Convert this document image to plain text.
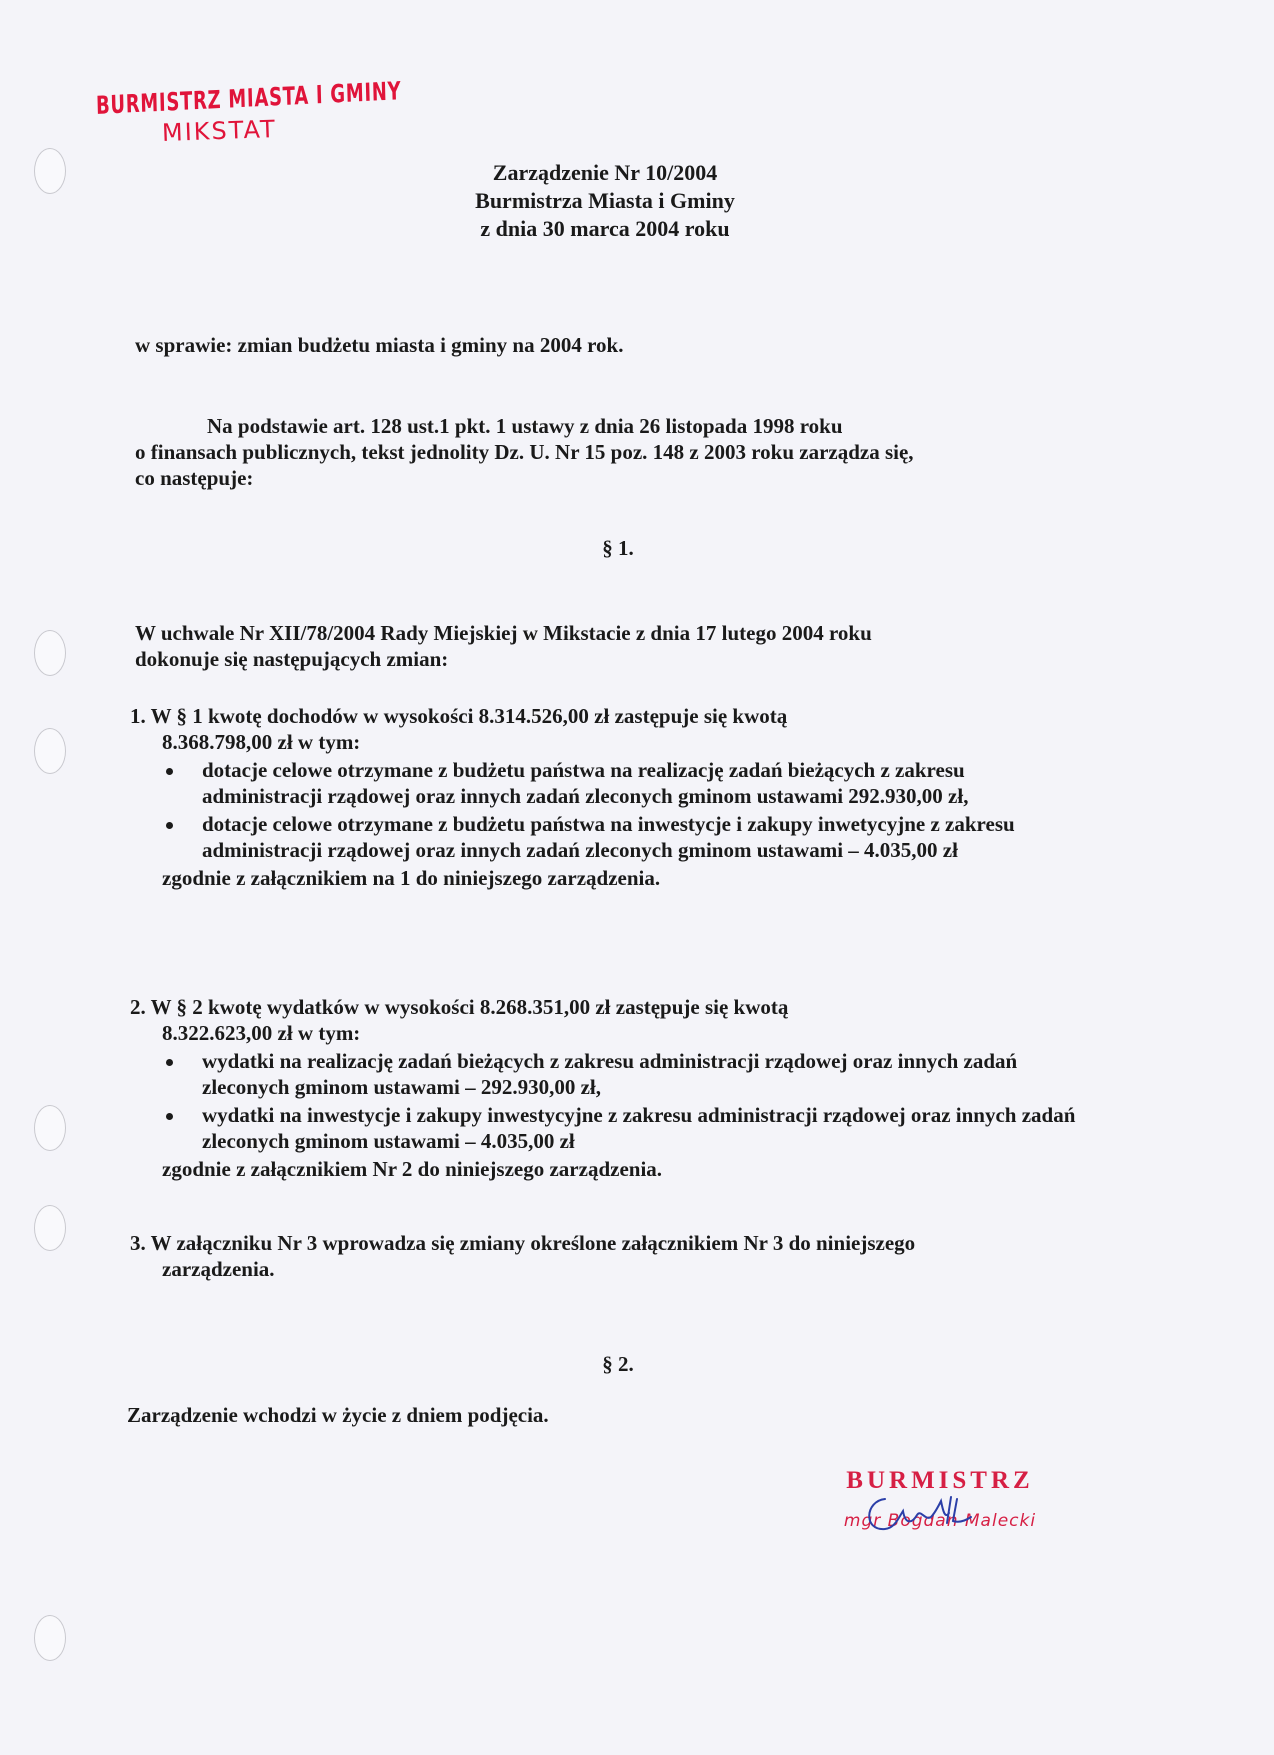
BURMISTRZ MIASTA I GMINY
MIKSTAT
Zarządzenie Nr 10/2004
Burmistrza Miasta i Gminy
z dnia 30 marca 2004 roku
w sprawie: zmian budżetu miasta i gminy na 2004 rok.
Na podstawie art. 128 ust.1 pkt. 1 ustawy z dnia 26 listopada 1998 roku
o finansach publicznych, tekst jednolity Dz. U. Nr 15 poz. 148 z 2003 roku zarządza się,
co następuje:
§ 1.
W uchwale Nr XII/78/2004 Rady Miejskiej w Mikstacie z dnia 17 lutego 2004 roku
dokonuje się następujących zmian:
1. W § 1 kwotę dochodów w wysokości 8.314.526,00 zł zastępuje się kwotą
8.368.798,00 zł w tym:
dotacje celowe otrzymane z budżetu państwa na realizację zadań bieżących z zakresu administracji rządowej oraz innych zadań zleconych gminom ustawami 292.930,00 zł,
dotacje celowe otrzymane z budżetu państwa na inwestycje i zakupy inwetycyjne z zakresu administracji rządowej oraz innych zadań zleconych gminom ustawami – 4.035,00 zł
zgodnie z załącznikiem na 1 do niniejszego zarządzenia.
2. W § 2 kwotę wydatków w wysokości 8.268.351,00 zł zastępuje się kwotą
8.322.623,00 zł w tym:
wydatki na realizację zadań bieżących z zakresu administracji rządowej oraz innych zadań zleconych gminom ustawami – 292.930,00 zł,
wydatki na inwestycje i zakupy inwestycyjne z zakresu administracji rządowej oraz innych zadań zleconych gminom ustawami – 4.035,00 zł
zgodnie z załącznikiem Nr 2 do niniejszego zarządzenia.
3. W załączniku Nr 3 wprowadza się zmiany określone załącznikiem Nr 3 do niniejszego
zarządzenia.
§ 2.
Zarządzenie wchodzi w życie z dniem podjęcia.
BURMISTRZ
mgr Bogdan Malecki
